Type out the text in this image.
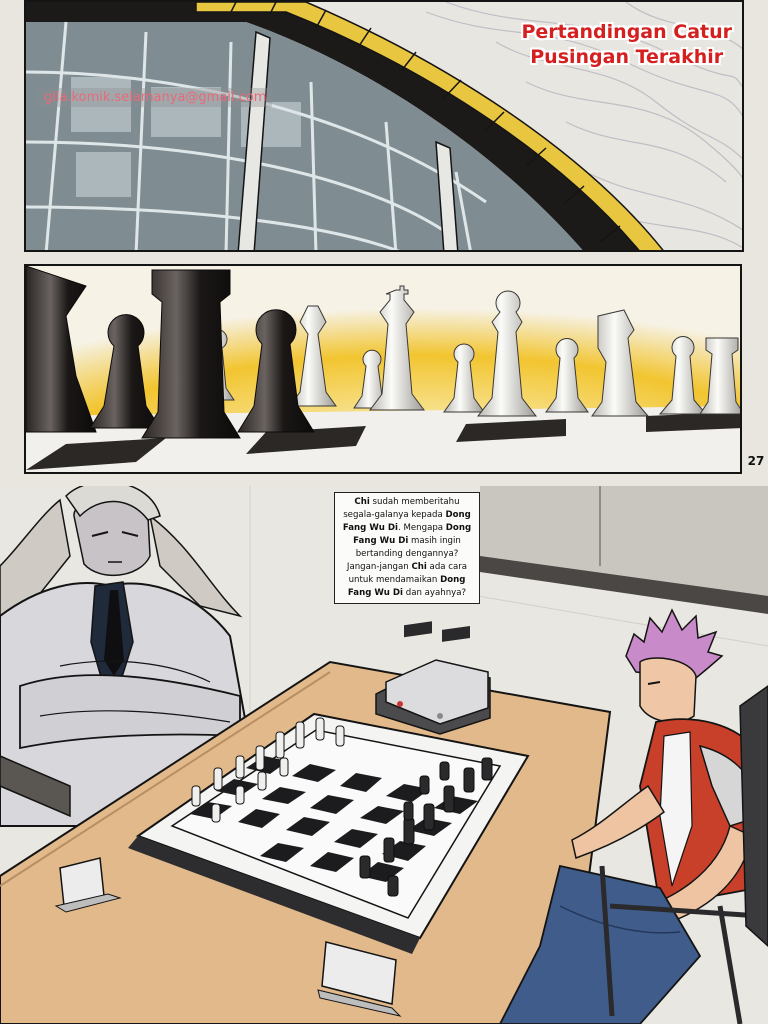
Pertandingan Catur
Pusingan Terakhir
gila.komik.selamanya@gmail.com
27
Chi sudah memberitahu segala-galanya kepada Dong Fang Wu Di. Mengapa Dong Fang Wu Di masih ingin bertanding dengannya? Jangan-jangan Chi ada cara untuk mendamaikan Dong Fang Wu Di dan ayahnya?
